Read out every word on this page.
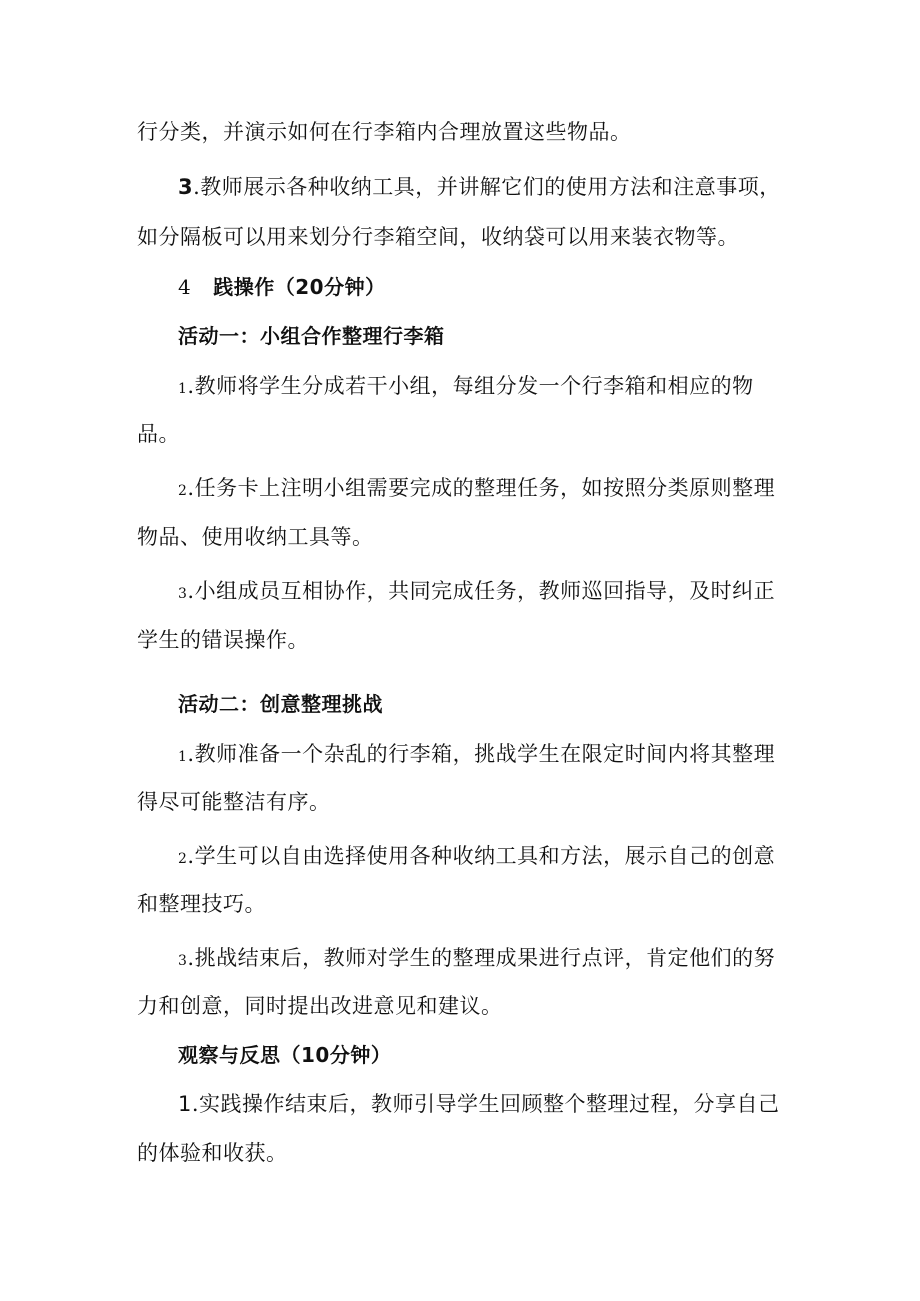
行分类，并演示如何在行李箱内合理放置这些物品。
3.教师展示各种收纳工具，并讲解它们的使用方法和注意事项，
如分隔板可以用来划分行李箱空间，收纳袋可以用来装衣物等。
4 践操作（20分钟）
活动一：小组合作整理行李箱
1.教师将学生分成若干小组，每组分发一个行李箱和相应的物
品。
2.任务卡上注明小组需要完成的整理任务，如按照分类原则整理
物品、使用收纳工具等。
3.小组成员互相协作，共同完成任务，教师巡回指导，及时纠正
学生的错误操作。
活动二：创意整理挑战
1.教师准备一个杂乱的行李箱，挑战学生在限定时间内将其整理
得尽可能整洁有序。
2.学生可以自由选择使用各种收纳工具和方法，展示自己的创意
和整理技巧。
3.挑战结束后，教师对学生的整理成果进行点评，肯定他们的努
力和创意，同时提出改进意见和建议。
观察与反思（10分钟）
1.实践操作结束后，教师引导学生回顾整个整理过程，分享自己
的体验和收获。
